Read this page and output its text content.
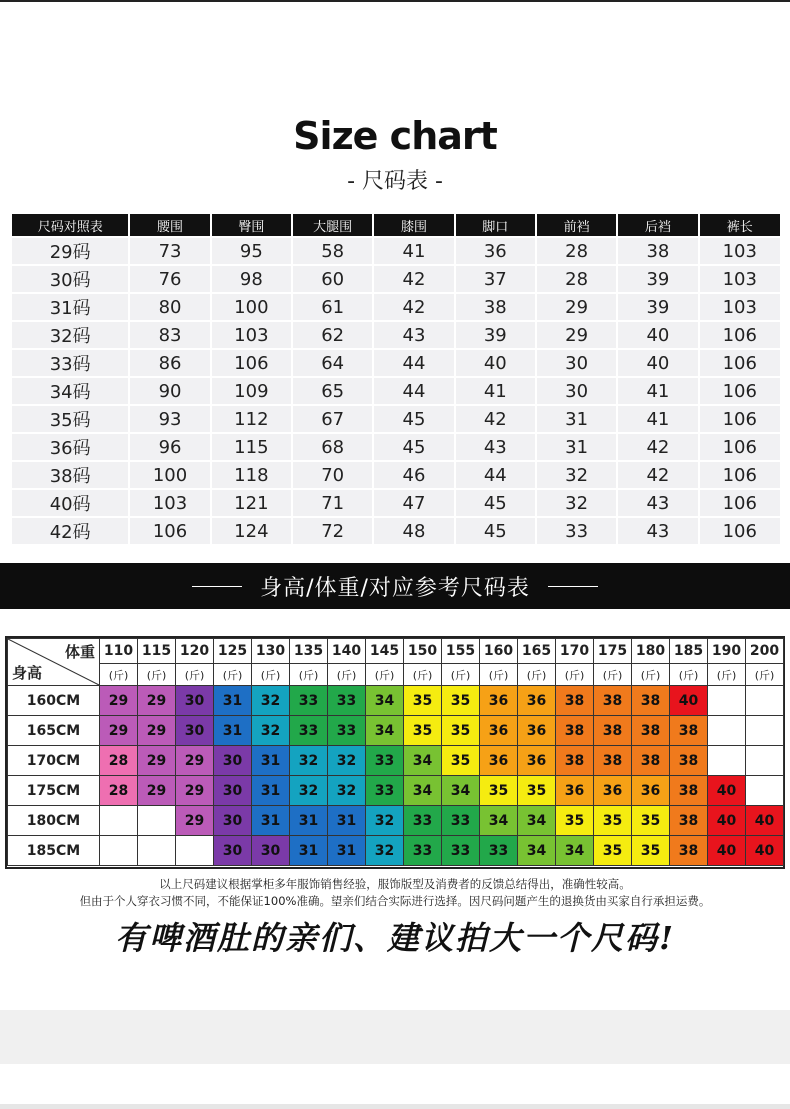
Size chart
- 尺码表 -
尺码对照表	腰围	臀围	大腿围	膝围	脚口	前裆	后裆	裤长
29码	73	95	58	41	36	28	38	103
30码	76	98	60	42	37	28	39	103
31码	80	100	61	42	38	29	39	103
32码	83	103	62	43	39	29	40	106
33码	86	106	64	44	40	30	40	106
34码	90	109	65	44	41	30	41	106
35码	93	112	67	45	42	31	41	106
36码	96	115	68	45	43	31	42	106
38码	100	118	70	46	44	32	42	106
40码	103	121	71	47	45	32	43	106
42码	106	124	72	48	45	33	43	106
身高/体重/对应参考尺码表
体重
身高	110	115	120	125	130	135	140	145	150	155	160	165	170	175	180	185	190	200
	(斤)	(斤)	(斤)	(斤)	(斤)	(斤)	(斤)	(斤)	(斤)	(斤)	(斤)	(斤)	(斤)	(斤)	(斤)	(斤)	(斤)	(斤)
160CM	29	29	30	31	32	33	33	34	35	35	36	36	38	38	38	40		
165CM	29	29	30	31	32	33	33	34	35	35	36	36	38	38	38	38		
170CM	28	29	29	30	31	32	32	33	34	35	36	36	38	38	38	38		
175CM	28	29	29	30	31	32	32	33	34	34	35	35	36	36	36	38	40	
180CM			29	30	31	31	31	32	33	33	34	34	35	35	35	38	40	40
185CM				30	30	31	31	32	33	33	33	34	34	35	35	38	40	40
以上尺码建议根据掌柜多年服饰销售经验，服饰版型及消费者的反馈总结得出，准确性较高。
但由于个人穿衣习惯不同，不能保证100%准确。望亲们结合实际进行选择。因尺码问题产生的退换货由买家自行承担运费。
有啤酒肚的亲们、建议拍大一个尺码!
